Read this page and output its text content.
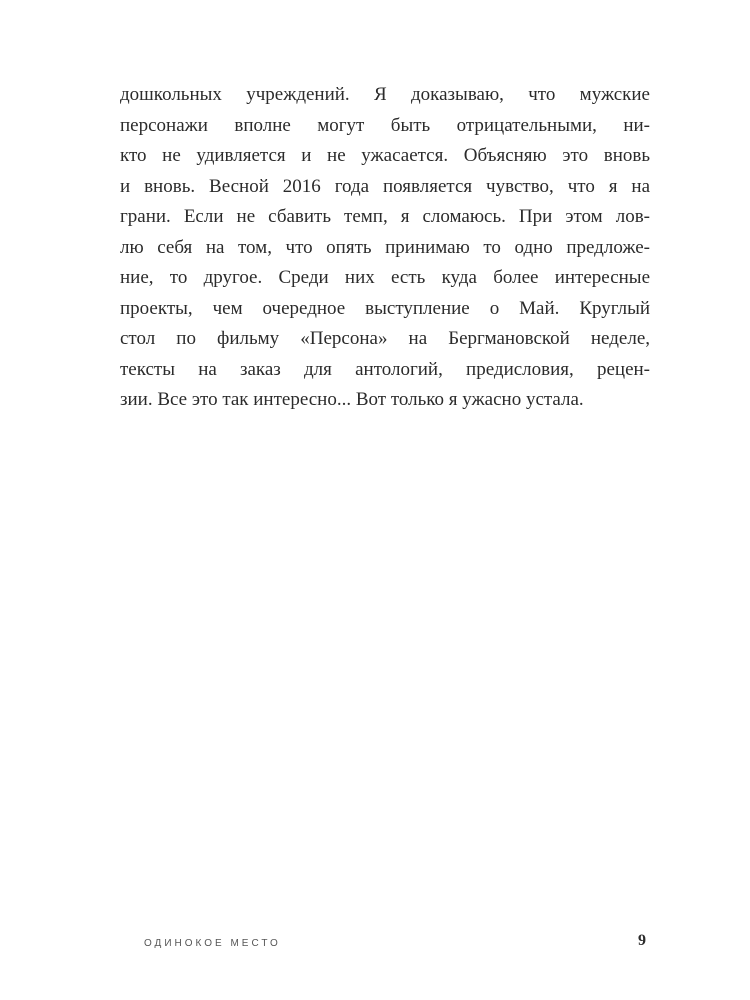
дошкольных учреждений. Я доказываю, что мужские
персонажи вполне могут быть отрицательными, ни-
кто не удивляется и не ужасается. Объясняю это вновь
и вновь. Весной 2016 года появляется чувство, что я на
грани. Если не сбавить темп, я сломаюсь. При этом лов-
лю себя на том, что опять принимаю то одно предложе-
ние, то другое. Среди них есть куда более интересные
проекты, чем очередное выступление о Май. Круглый
стол по фильму «Персона» на Бергмановской неделе,
тексты на заказ для антологий, предисловия, рецен-
зии. Все это так интересно... Вот только я ужасно устала.
ОДИНОКОЕ МЕСТО	9
